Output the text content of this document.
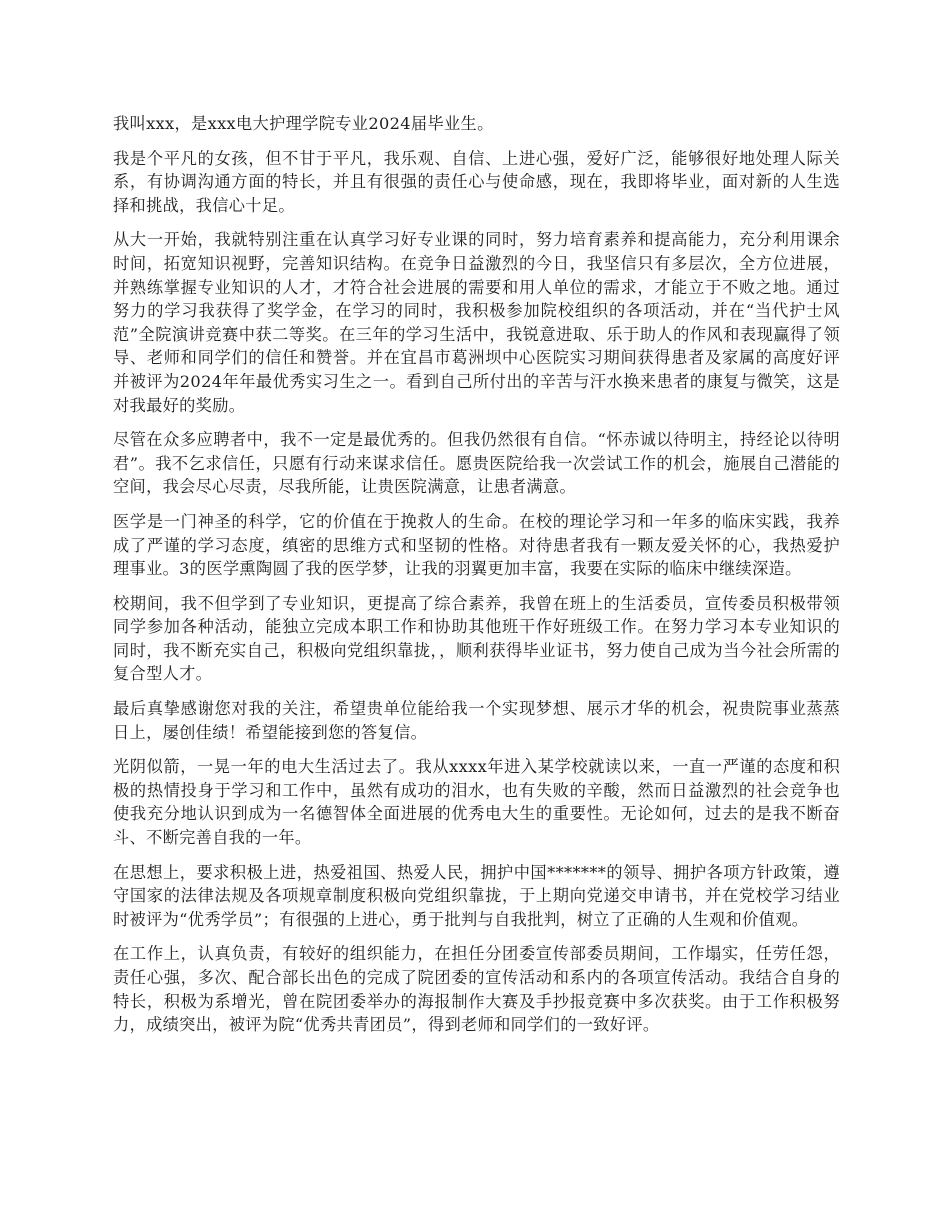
我叫xxx，是xxx电大护理学院专业2024届毕业生。

我是个平凡的女孩，但不甘于平凡，我乐观、自信、上进心强，爱好广泛，能够很好地处理人际关系，有协调沟通方面的特长，并且有很强的责任心与使命感，现在，我即将毕业，面对新的人生选择和挑战，我信心十足。

从大一开始，我就特别注重在认真学习好专业课的同时，努力培育素养和提高能力，充分利用课余时间，拓宽知识视野，完善知识结构。在竞争日益激烈的今日，我坚信只有多层次，全方位进展，并熟练掌握专业知识的人才，才符合社会进展的需要和用人单位的需求，才能立于不败之地。通过努力的学习我获得了奖学金，在学习的同时，我积极参加院校组织的各项活动，并在“当代护士风范”全院演讲竞赛中获二等奖。在三年的学习生活中，我锐意进取、乐于助人的作风和表现赢得了领导、老师和同学们的信任和赞誉。并在宜昌市葛洲坝中心医院实习期间获得患者及家属的高度好评并被评为2024年年最优秀实习生之一。看到自己所付出的辛苦与汗水换来患者的康复与微笑，这是对我最好的奖励。

尽管在众多应聘者中，我不一定是最优秀的。但我仍然很有自信。“怀赤诚以待明主，持经论以待明君”。我不乞求信任，只愿有行动来谋求信任。愿贵医院给我一次尝试工作的机会，施展自己潜能的空间，我会尽心尽责，尽我所能，让贵医院满意，让患者满意。

医学是一门神圣的科学，它的价值在于挽救人的生命。在校的理论学习和一年多的临床实践，我养成了严谨的学习态度，缜密的思维方式和坚韧的性格。对待患者我有一颗友爱关怀的心，我热爱护理事业。3的医学熏陶圆了我的医学梦，让我的羽翼更加丰富，我要在实际的临床中继续深造。

校期间，我不但学到了专业知识，更提高了综合素养，我曾在班上的生活委员，宣传委员积极带领同学参加各种活动，能独立完成本职工作和协助其他班干作好班级工作。在努力学习本专业知识的同时，我不断充实自己，积极向党组织靠拢，，顺利获得毕业证书，努力使自己成为当今社会所需的复合型人才。

最后真挚感谢您对我的关注，希望贵单位能给我一个实现梦想、展示才华的机会，祝贵院事业蒸蒸日上，屡创佳绩！希望能接到您的答复信。

光阴似箭，一晃一年的电大生活过去了。我从xxxx年进入某学校就读以来，一直一严谨的态度和积极的热情投身于学习和工作中，虽然有成功的泪水，也有失败的辛酸，然而日益激烈的社会竞争也使我充分地认识到成为一名德智体全面进展的优秀电大生的重要性。无论如何，过去的是我不断奋斗、不断完善自我的一年。

在思想上，要求积极上进，热爱祖国、热爱人民，拥护中国*******的领导、拥护各项方针政策，遵守国家的法律法规及各项规章制度积极向党组织靠拢，于上期向党递交申请书，并在党校学习结业时被评为“优秀学员”；有很强的上进心，勇于批判与自我批判，树立了正确的人生观和价值观。

在工作上，认真负责，有较好的组织能力，在担任分团委宣传部委员期间，工作塌实，任劳任怨，责任心强，多次、配合部长出色的完成了院团委的宣传活动和系内的各项宣传活动。我结合自身的特长，积极为系增光，曾在院团委举办的海报制作大赛及手抄报竞赛中多次获奖。由于工作积极努力，成绩突出，被评为院“优秀共青团员”，得到老师和同学们的一致好评。
